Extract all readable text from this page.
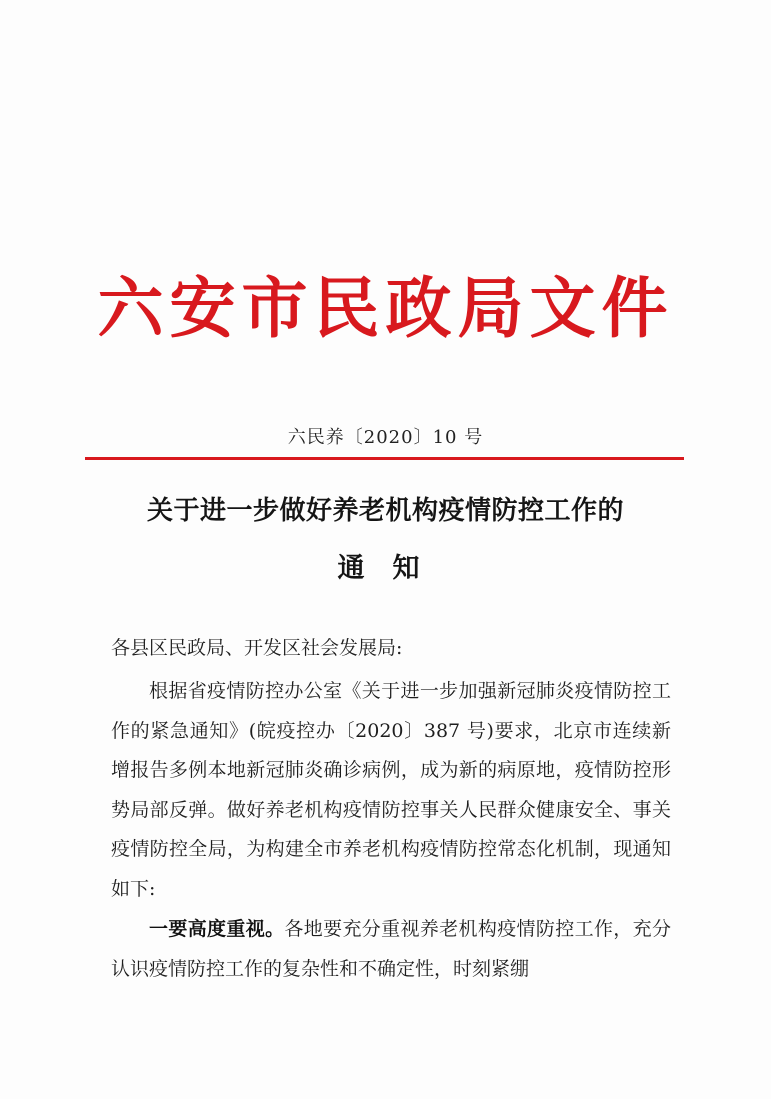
六安市民政局文件
六民养〔2020〕10 号
关于进一步做好养老机构疫情防控工作的
通知
各县区民政局、开发区社会发展局:

根据省疫情防控办公室《关于进一步加强新冠肺炎疫情防控工作的紧急通知》(皖疫控办〔2020〕387 号)要求，北京市连续新增报告多例本地新冠肺炎确诊病例，成为新的病原地，疫情防控形势局部反弹。做好养老机构疫情防控事关人民群众健康安全、事关疫情防控全局，为构建全市养老机构疫情防控常态化机制，现通知如下:

一要高度重视。各地要充分重视养老机构疫情防控工作，充分认识疫情防控工作的复杂性和不确定性，时刻紧绷
